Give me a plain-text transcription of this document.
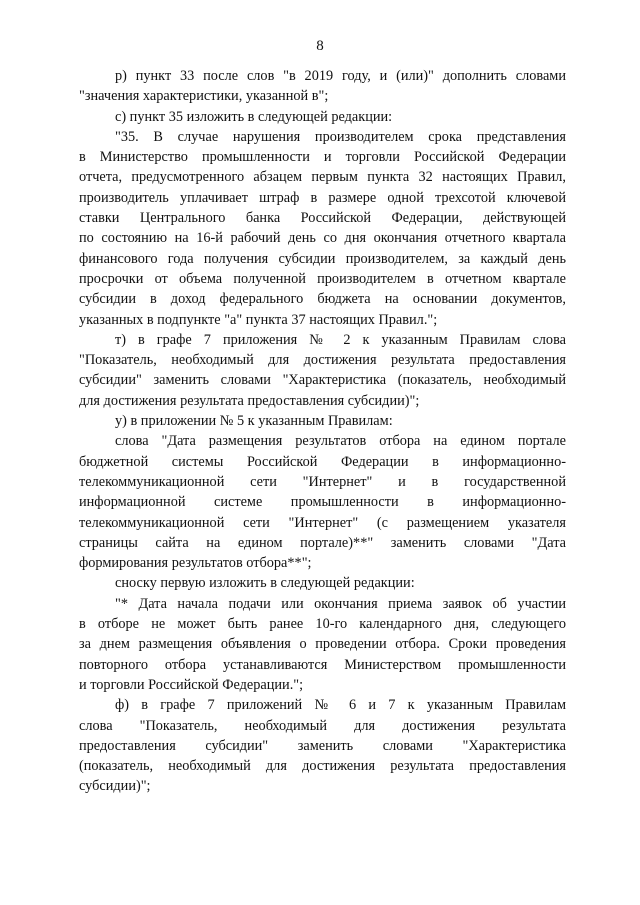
8
р) пункт 33 после слов "в 2019 году, и (или)" дополнить словами
"значения характеристики, указанной в";
с) пункт 35 изложить в следующей редакции:
"35. В случае нарушения производителем срока представления
в Министерство промышленности и торговли Российской Федерации
отчета, предусмотренного абзацем первым пункта 32 настоящих Правил,
производитель уплачивает штраф в размере одной трехсотой ключевой
ставки Центрального банка Российской Федерации, действующей
по состоянию на 16-й рабочий день со дня окончания отчетного квартала
финансового года получения субсидии производителем, за каждый день
просрочки от объема полученной производителем в отчетном квартале
субсидии в доход федерального бюджета на основании документов,
указанных в подпункте "а" пункта 37 настоящих Правил.";
т) в графе 7 приложения № 2 к указанным Правилам слова
"Показатель, необходимый для достижения результата предоставления
субсидии" заменить словами "Характеристика (показатель, необходимый
для достижения результата предоставления субсидии)";
у) в приложении № 5 к указанным Правилам:
слова "Дата размещения результатов отбора на едином портале
бюджетной системы Российской Федерации в информационно-
телекоммуникационной сети "Интернет" и в государственной
информационной системе промышленности в информационно-
телекоммуникационной сети "Интернет" (с размещением указателя
страницы сайта на едином портале)**" заменить словами "Дата
формирования результатов отбора**";
сноску первую изложить в следующей редакции:
"* Дата начала подачи или окончания приема заявок об участии
в отборе не может быть ранее 10-го календарного дня, следующего
за днем размещения объявления о проведении отбора. Сроки проведения
повторного отбора устанавливаются Министерством промышленности
и торговли Российской Федерации.";
ф) в графе 7 приложений № 6 и 7 к указанным Правилам
слова "Показатель, необходимый для достижения результата
предоставления субсидии" заменить словами "Характеристика
(показатель, необходимый для достижения результата предоставления
субсидии)";
